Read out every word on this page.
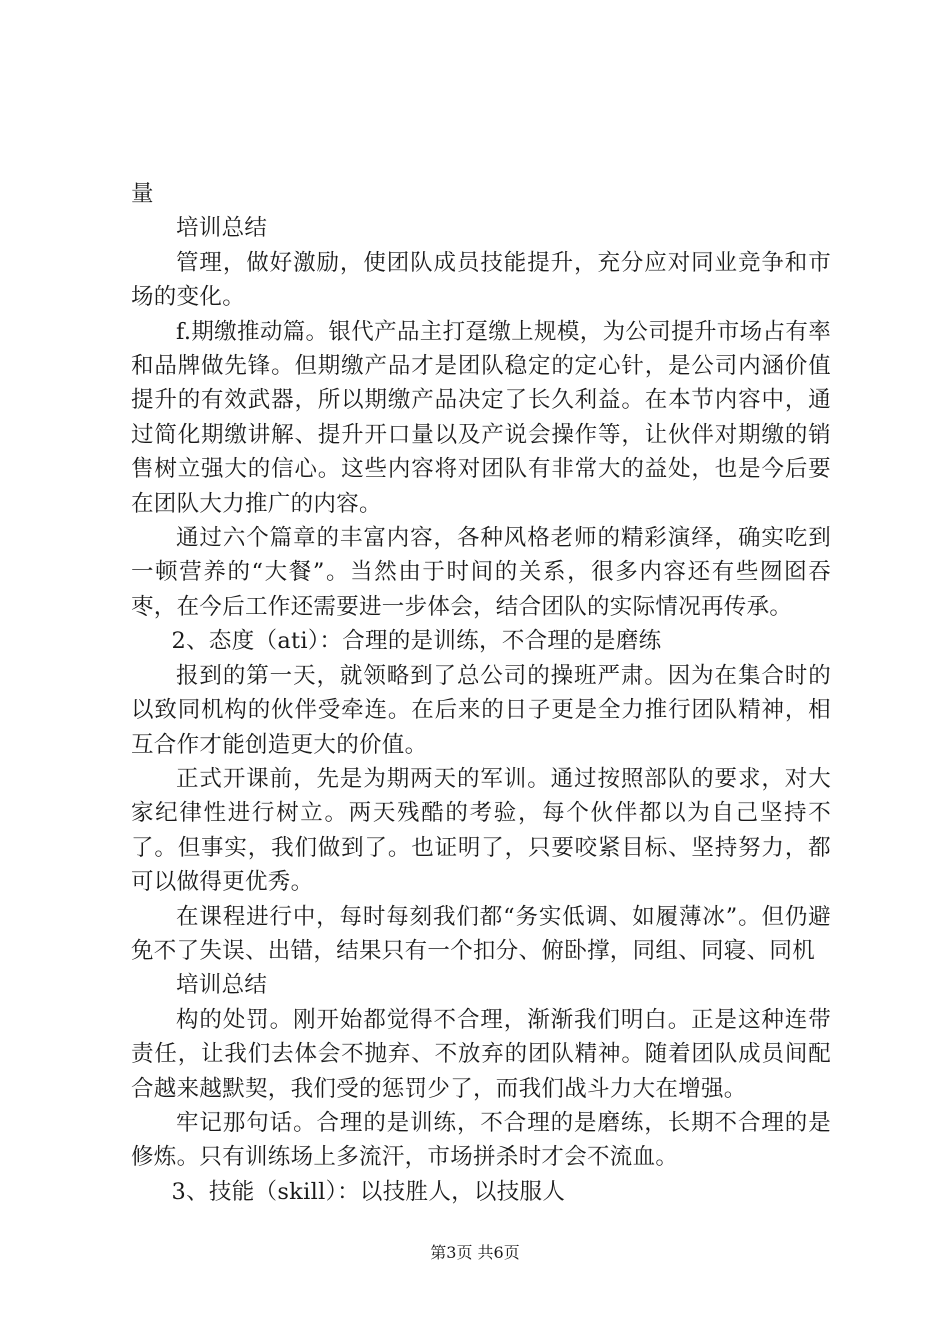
量

培训总结

管理，做好激励，使团队成员技能提升，充分应对同业竞争和市场的变化。

f.期缴推动篇。银代产品主打趸缴上规模，为公司提升市场占有率和品牌做先锋。但期缴产品才是团队稳定的定心针，是公司内涵价值提升的有效武器，所以期缴产品决定了长久利益。在本节内容中，通过简化期缴讲解、提升开口量以及产说会操作等，让伙伴对期缴的销售树立强大的信心。这些内容将对团队有非常大的益处，也是今后要在团队大力推广的内容。

通过六个篇章的丰富内容，各种风格老师的精彩演绎，确实吃到一顿营养的“大餐”。当然由于时间的关系，很多内容还有些囫囵吞枣，在今后工作还需要进一步体会，结合团队的实际情况再传承。

2、态度（ati）：合理的是训练，不合理的是磨练

报到的第一天，就领略到了总公司的操班严肃。因为在集合时的以致同机构的伙伴受牵连。在后来的日子更是全力推行团队精神，相互合作才能创造更大的价值。

正式开课前，先是为期两天的军训。通过按照部队的要求，对大家纪律性进行树立。两天残酷的考验，每个伙伴都以为自己坚持不了。但事实，我们做到了。也证明了，只要咬紧目标、坚持努力，都可以做得更优秀。

在课程进行中，每时每刻我们都“务实低调、如履薄冰”。但仍避免不了失误、出错，结果只有一个扣分、俯卧撑，同组、同寝、同机

培训总结

构的处罚。刚开始都觉得不合理，渐渐我们明白。正是这种连带责任，让我们去体会不抛弃、不放弃的团队精神。随着团队成员间配合越来越默契，我们受的惩罚少了，而我们战斗力大在增强。

牢记那句话。合理的是训练，不合理的是磨练，长期不合理的是修炼。只有训练场上多流汗，市场拼杀时才会不流血。

3、技能（skill）：以技胜人，以技服人

第3页 共6页
